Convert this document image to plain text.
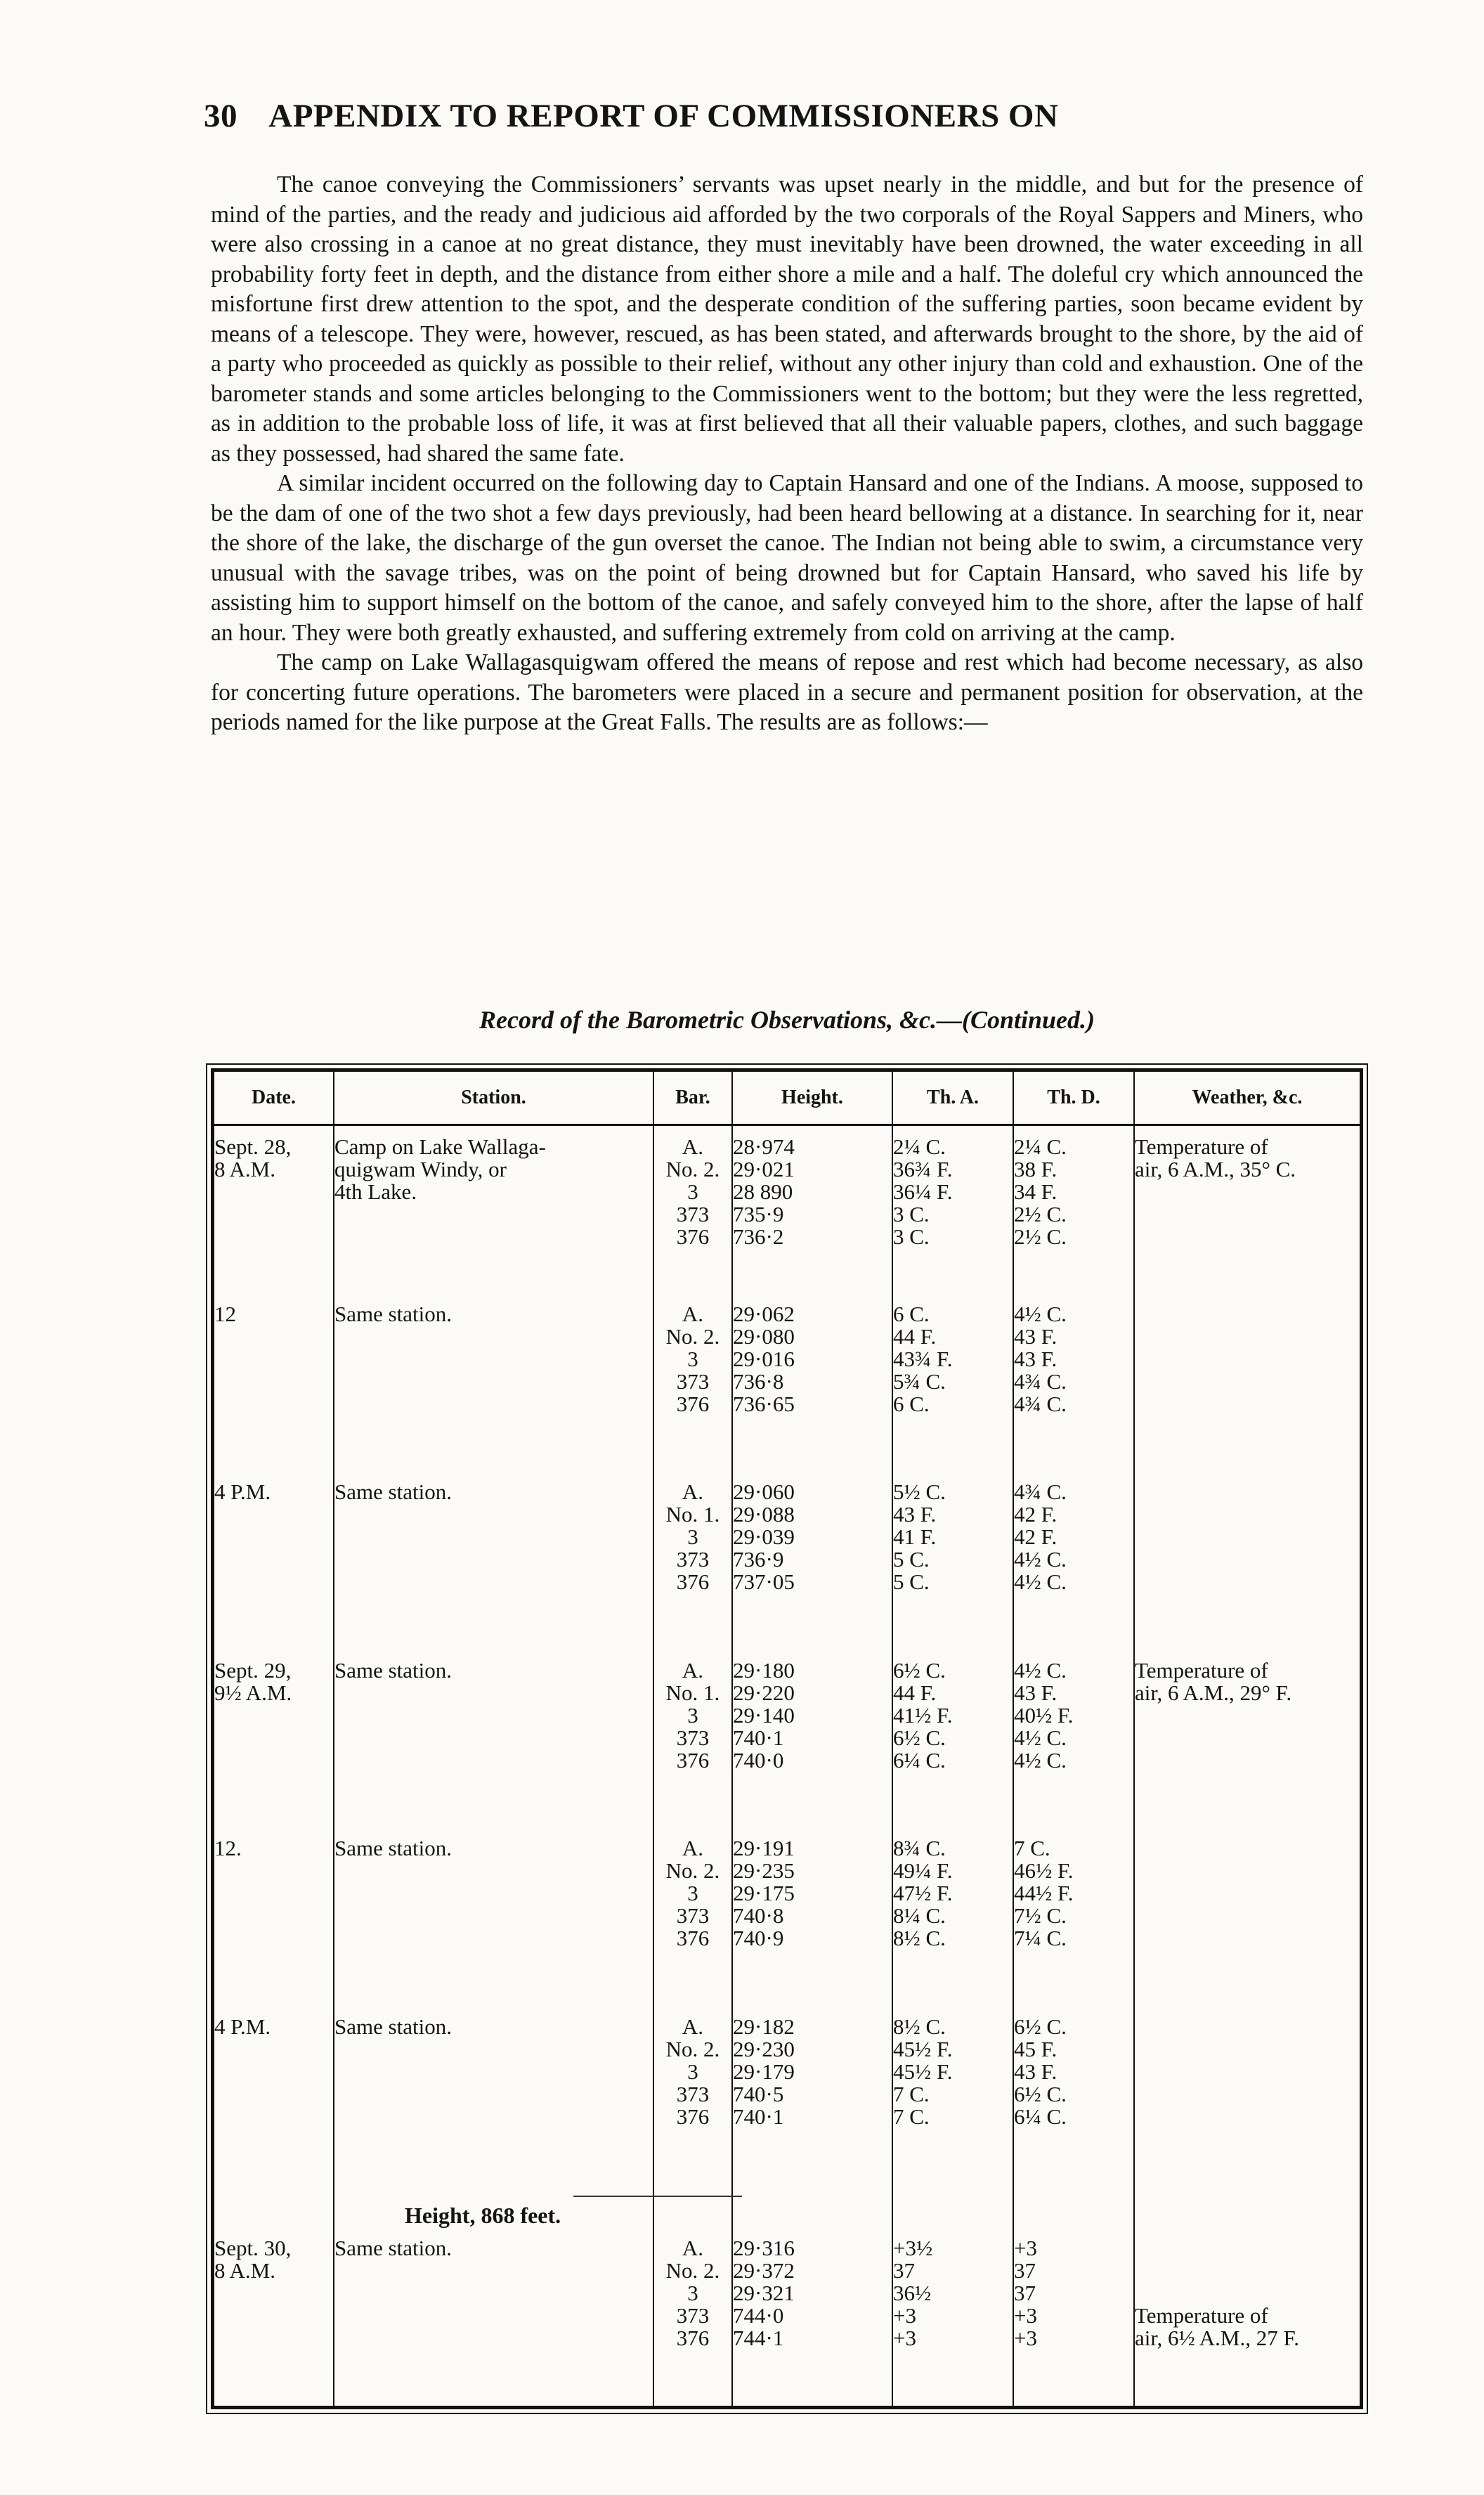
30 APPENDIX TO REPORT OF COMMISSIONERS ON

The canoe conveying the Commissioners’ servants was upset nearly in the middle, and but for the presence of mind of the parties, and the ready and judicious aid afforded by the two corporals of the Royal Sappers and Miners, who were also crossing in a canoe at no great distance, they must inevitably have been drowned, the water exceeding in all probability forty feet in depth, and the distance from either shore a mile and a half. The doleful cry which announced the misfortune first drew attention to the spot, and the desperate condition of the suffering parties, soon became evident by means of a telescope. They were, however, rescued, as has been stated, and afterwards brought to the shore, by the aid of a party who proceeded as quickly as possible to their relief, without any other injury than cold and exhaustion. One of the barometer stands and some articles belonging to the Commissioners went to the bottom; but they were the less regretted, as in addition to the probable loss of life, it was at first believed that all their valuable papers, clothes, and such baggage as they possessed, had shared the same fate.

A similar incident occurred on the following day to Captain Hansard and one of the Indians. A moose, supposed to be the dam of one of the two shot a few days previously, had been heard bellowing at a distance. In searching for it, near the shore of the lake, the discharge of the gun overset the canoe. The Indian not being able to swim, a circumstance very unusual with the savage tribes, was on the point of being drowned but for Captain Hansard, who saved his life by assisting him to support himself on the bottom of the canoe, and safely conveyed him to the shore, after the lapse of half an hour. They were both greatly exhausted, and suffering extremely from cold on arriving at the camp.

The camp on Lake Wallagasquigwam offered the means of repose and rest which had become necessary, as also for concerting future operations. The barometers were placed in a secure and permanent position for observation, at the periods named for the like purpose at the Great Falls. The results are as follows:—

Record of the Barometric Observations, &c.—(Continued.)
Date.	Station.	Bar.	Height.	Th. A.	Th. D.	Weather, &c.

Sept. 28,
8 A.M.	Camp on Lake Wallaga-
quigwam Windy, or
4th Lake.	A.
No. 2.
3
373
376	28·974
29·021
28 890
735·9
736·2	2¼ C.
36¾ F.
36¼ F.
3 C.
3 C.	2¼ C.
38 F.
34 F.
2½ C.
2½ C.	Temperature of
air, 6 A.M., 35° C.

12	Same station.	A.
No. 2.
3
373
376	29·062
29·080
29·016
736·8
736·65	6 C.
44 F.
43¾ F.
5¾ C.
6 C.	4½ C.
43 F.
43 F.
4¾ C.
4¾ C.	

4 P.M.	Same station.	A.
No. 1.
3
373
376	29·060
29·088
29·039
736·9
737·05	5½ C.
43 F.
41 F.
5 C.
5 C.	4¾ C.
42 F.
42 F.
4½ C.
4½ C.	

Sept. 29,
9½ A.M.	Same station.	A.
No. 1.
3
373
376	29·180
29·220
29·140
740·1
740·0	6½ C.
44 F.
41½ F.
6½ C.
6¼ C.	4½ C.
43 F.
40½ F.
4½ C.
4½ C.	Temperature of
air, 6 A.M., 29° F.

12.	Same station.	A.
No. 2.
3
373
376	29·191
29·235
29·175
740·8
740·9	8¾ C.
49¼ F.
47½ F.
8¼ C.
8½ C.	7 C.
46½ F.
44½ F.
7½ C.
7¼ C.	

4 P.M.	Same station.	A.
No. 2.
3
373
376	29·182
29·230
29·179
740·5
740·1	8½ C.
45½ F.
45½ F.
7 C.
7 C.	6½ C.
45 F.
43 F.
6½ C.
6¼ C.	

	Height, 868 feet.					

Sept. 30,
8 A.M.	Same station.	A.
No. 2.
3
373
376	29·316
29·372
29·321
744·0
744·1	+3½
37
36½
+3
+3	+3
37
37
+3
+3	Temperature of
air, 6½ A.M., 27 F.
